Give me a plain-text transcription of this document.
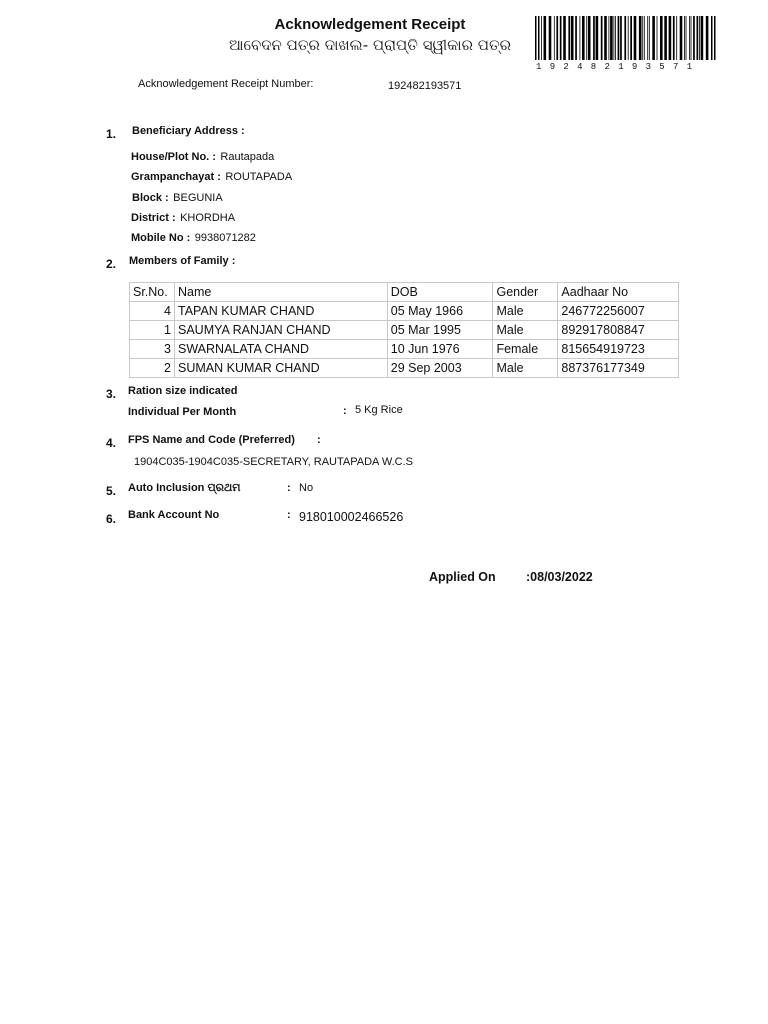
Acknowledgement Receipt
ଆବେଦନ ପତ୍ର ଦାଖଲ- ପ୍ରାପ୍ତି ସ୍ୱୀକାର ପତ୍ର
192482193571
Acknowledgement Receipt Number:	192482193571
1. Beneficiary Address :
House/Plot No. : Rautapada
Grampanchayat : ROUTAPADA
Block : BEGUNIA
District : KHORDHA
Mobile No : 9938071282
2. Members of Family :
Sr.No.	Name	DOB	Gender	Aadhaar No
4	TAPAN KUMAR CHAND	05 May 1966	Male	246772256007
1	SAUMYA RANJAN CHAND	05 Mar 1995	Male	892917808847
3	SWARNALATA CHAND	10 Jun 1976	Female	815654919723
2	SUMAN KUMAR CHAND	29 Sep 2003	Male	887376177349
3. Ration size indicated
Individual Per Month	: 5 Kg Rice
4. FPS Name and Code (Preferred) :
1904C035-1904C035-SECRETARY, RAUTAPADA W.C.S
5. Auto Inclusion ପ୍ରଥମ	: No
6. Bank Account No	: 918010002466526
Applied On :08/03/2022
